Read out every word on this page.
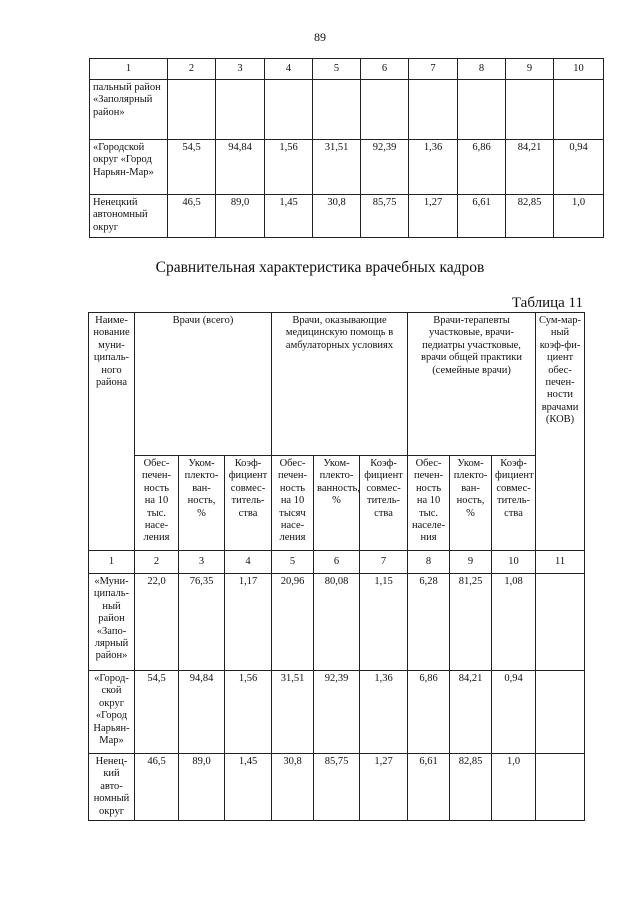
89
1	2	3	4	5	6	7	8	9	10
пальный район «Заполярный район»									
«Городской округ «Город Нарьян-Мар»	54,5	94,84	1,56	31,51	92,39	1,36	6,86	84,21	0,94
Ненецкий автономный округ	46,5	89,0	1,45	30,8	85,75	1,27	6,61	82,85	1,0
Сравнительная характеристика врачебных кадров
Таблица 11
Наиме-нование муни-ципаль-ного района	Врачи (всего)			Врачи, оказывающие медицинскую помощь в амбулаторных условиях			Врачи-терапевты участковые, врачи-педиатры участковые, врачи общей практики (семейные врачи)			Сум-мар-ный коэф-фи-циент обес-печен-ности врачами (КОВ)
	Обес-печен-ность на 10 тыс. насе-ления	Уком-плекто-ван-ность, %	Коэф-фициент совмес-титель-ства	Обес-печен-ность на 10 тысяч насе-ления	Уком-плекто-ванность, %	Коэф-фициент совмес-титель-ства	Обес-печен-ность на 10 тыс. населе-ния	Уком-плекто-ван-ность, %	Коэф-фициент совмес-титель-ства	
1	2	3	4	5	6	7	8	9	10	11
«Муни-ципаль-ный район «Запо-лярный район»	22,0	76,35	1,17	20,96	80,08	1,15	6,28	81,25	1,08	
«Город-ской округ «Город Нарьян-Мар»	54,5	94,84	1,56	31,51	92,39	1,36	6,86	84,21	0,94	
Ненец-кий авто-номный округ	46,5	89,0	1,45	30,8	85,75	1,27	6,61	82,85	1,0	
